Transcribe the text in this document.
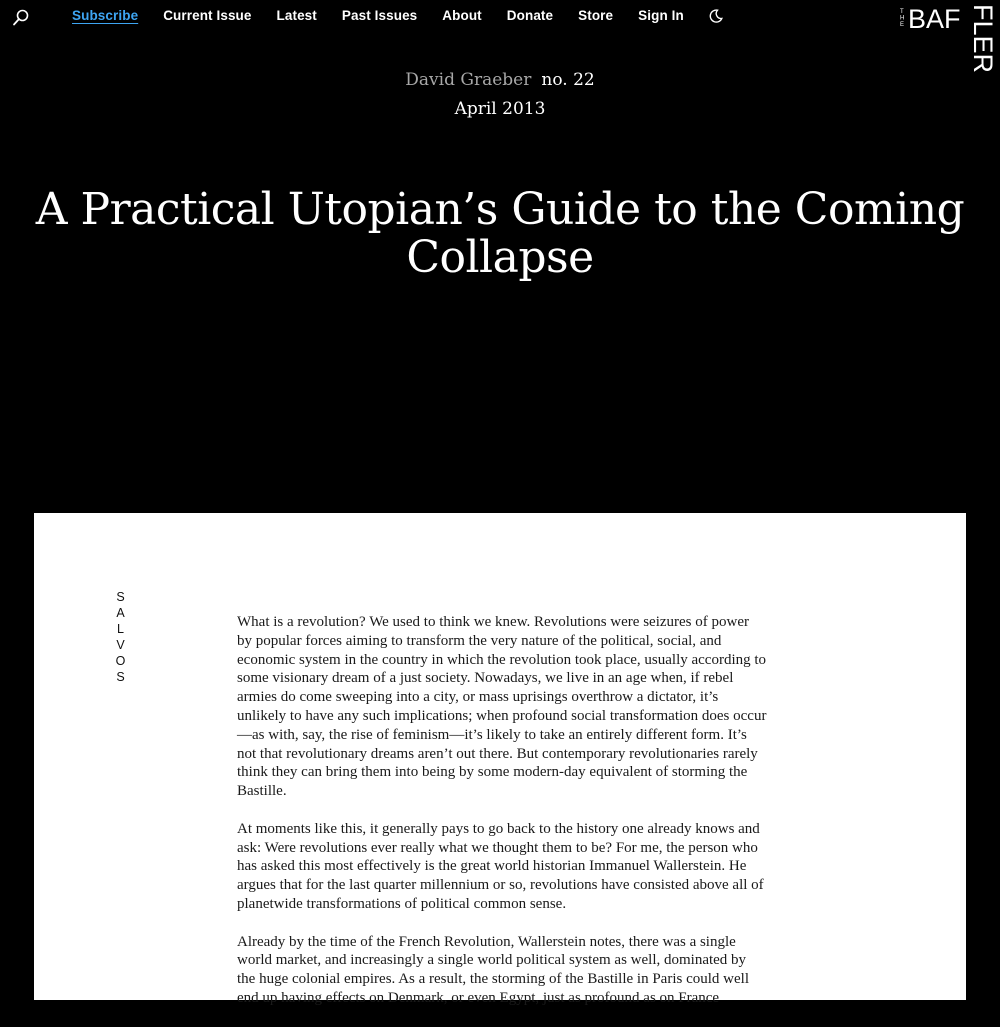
Subscribe Current Issue Latest Past Issues About Donate Store Sign In	T
H
E BAF FLER
David Graeber no. 22
April 2013
A Practical Utopian’s Guide to the Coming Collapse
SALVOS

What is a revolution? We used to think we knew. Revolutions were seizures of power by popular forces aiming to transform the very nature of the political, social, and economic system in the country in which the revolution took place, usually according to some visionary dream of a just society. Nowadays, we live in an age when, if rebel armies do come sweeping into a city, or mass uprisings overthrow a dictator, it’s unlikely to have any such implications; when profound social transformation does occur—as with, say, the rise of feminism—it’s likely to take an entirely different form. It’s not that revolutionary dreams aren’t out there. But contemporary revolutionaries rarely think they can bring them into being by some modern-day equivalent of storming the Bastille.

At moments like this, it generally pays to go back to the history one already knows and ask: Were revolutions ever really what we thought them to be? For me, the person who has asked this most effectively is the great world historian Immanuel Wallerstein. He argues that for the last quarter millennium or so, revolutions have consisted above all of planetwide transformations of political common sense.

Already by the time of the French Revolution, Wallerstein notes, there was a single world market, and increasingly a single world political system as well, dominated by the huge colonial empires. As a result, the storming of the Bastille in Paris could well end up having effects on Denmark, or even Egypt, just as profound as on France
